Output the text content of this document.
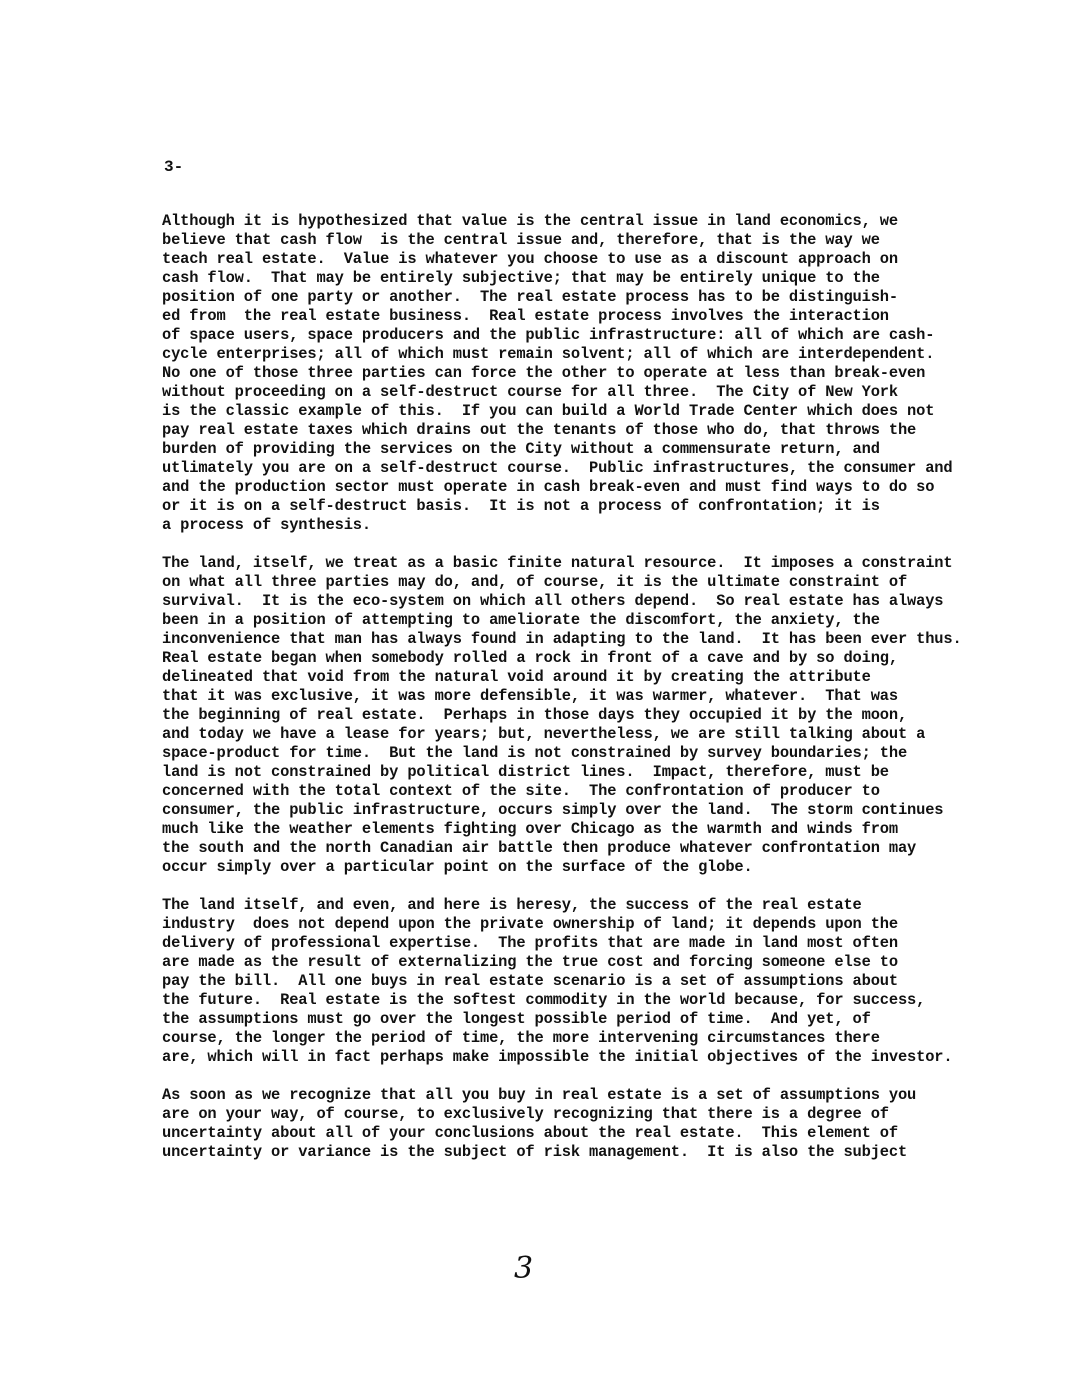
3-
Although it is hypothesized that value is the central issue in land economics, we
believe that cash flow  is the central issue and, therefore, that is the way we
teach real estate.  Value is whatever you choose to use as a discount approach on
cash flow.  That may be entirely subjective; that may be entirely unique to the
position of one party or another.  The real estate process has to be distinguish-
ed from  the real estate business.  Real estate process involves the interaction
of space users, space producers and the public infrastructure: all of which are cash-
cycle enterprises; all of which must remain solvent; all of which are interdependent.
No one of those three parties can force the other to operate at less than break-even
without proceeding on a self-destruct course for all three.  The City of New York
is the classic example of this.  If you can build a World Trade Center which does not
pay real estate taxes which drains out the tenants of those who do, that throws the
burden of providing the services on the City without a commensurate return, and
utlimately you are on a self-destruct course.  Public infrastructures, the consumer and
and the production sector must operate in cash break-even and must find ways to do so
or it is on a self-destruct basis.  It is not a process of confrontation; it is
a process of synthesis.
The land, itself, we treat as a basic finite natural resource.  It imposes a constraint
on what all three parties may do, and, of course, it is the ultimate constraint of
survival.  It is the eco-system on which all others depend.  So real estate has always
been in a position of attempting to ameliorate the discomfort, the anxiety, the
inconvenience that man has always found in adapting to the land.  It has been ever thus.
Real estate began when somebody rolled a rock in front of a cave and by so doing,
delineated that void from the natural void around it by creating the attribute
that it was exclusive, it was more defensible, it was warmer, whatever.  That was
the beginning of real estate.  Perhaps in those days they occupied it by the moon,
and today we have a lease for years; but, nevertheless, we are still talking about a
space-product for time.  But the land is not constrained by survey boundaries; the
land is not constrained by political district lines.  Impact, therefore, must be
concerned with the total context of the site.  The confrontation of producer to
consumer, the public infrastructure, occurs simply over the land.  The storm continues
much like the weather elements fighting over Chicago as the warmth and winds from
the south and the north Canadian air battle then produce whatever confrontation may
occur simply over a particular point on the surface of the globe.
The land itself, and even, and here is heresy, the success of the real estate
industry  does not depend upon the private ownership of land; it depends upon the
delivery of professional expertise.  The profits that are made in land most often
are made as the result of externalizing the true cost and forcing someone else to
pay the bill.  All one buys in real estate scenario is a set of assumptions about
the future.  Real estate is the softest commodity in the world because, for success,
the assumptions must go over the longest possible period of time.  And yet, of
course, the longer the period of time, the more intervening circumstances there
are, which will in fact perhaps make impossible the initial objectives of the investor.
As soon as we recognize that all you buy in real estate is a set of assumptions you
are on your way, of course, to exclusively recognizing that there is a degree of
uncertainty about all of your conclusions about the real estate.  This element of
uncertainty or variance is the subject of risk management.  It is also the subject
3
